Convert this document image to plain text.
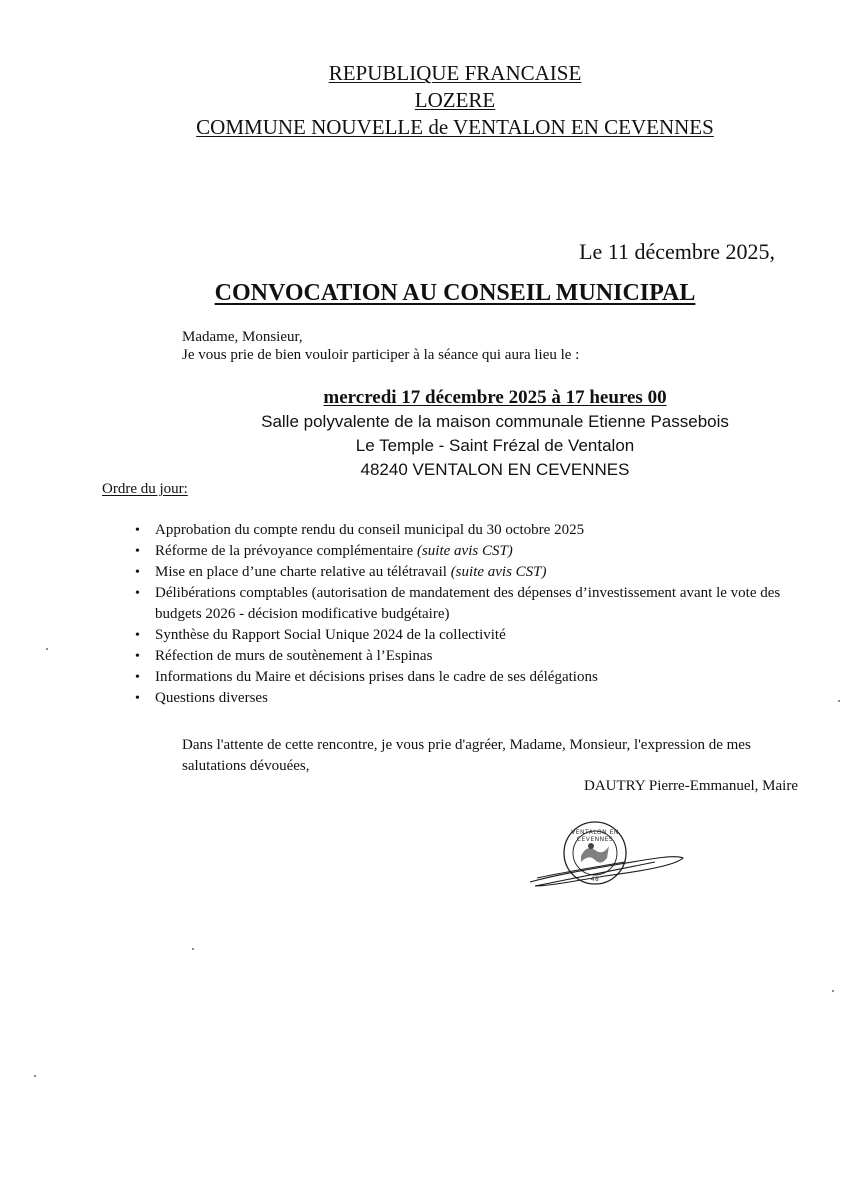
REPUBLIQUE FRANCAISE
LOZERE
COMMUNE NOUVELLE de VENTALON EN CEVENNES
Le 11 décembre 2025,
CONVOCATION AU CONSEIL MUNICIPAL
Madame, Monsieur,
Je vous prie de bien vouloir participer à la séance qui aura lieu le :
mercredi 17 décembre 2025 à 17 heures 00
Salle polyvalente de la maison communale Etienne Passebois
Le Temple - Saint Frézal de Ventalon
48240 VENTALON EN CEVENNES
Ordre du jour:
• Approbation du compte rendu du conseil municipal du 30 octobre 2025
• Réforme de la prévoyance complémentaire (suite avis CST)
• Mise en place d’une charte relative au télétravail (suite avis CST)
• Délibérations comptables (autorisation de mandatement des dépenses d’investissement avant le vote des budgets 2026 - décision modificative budgétaire)
• Synthèse du Rapport Social Unique 2024 de la collectivité
• Réfection de murs de soutènement à l’Espinas
• Informations du Maire et décisions prises dans le cadre de ses délégations
• Questions diverses
Dans l'attente de cette rencontre, je vous prie d'agréer, Madame, Monsieur, l'expression de mes salutations dévouées,
DAUTRY Pierre-Emmanuel, Maire
VENTALON EN CEVENNES
48
